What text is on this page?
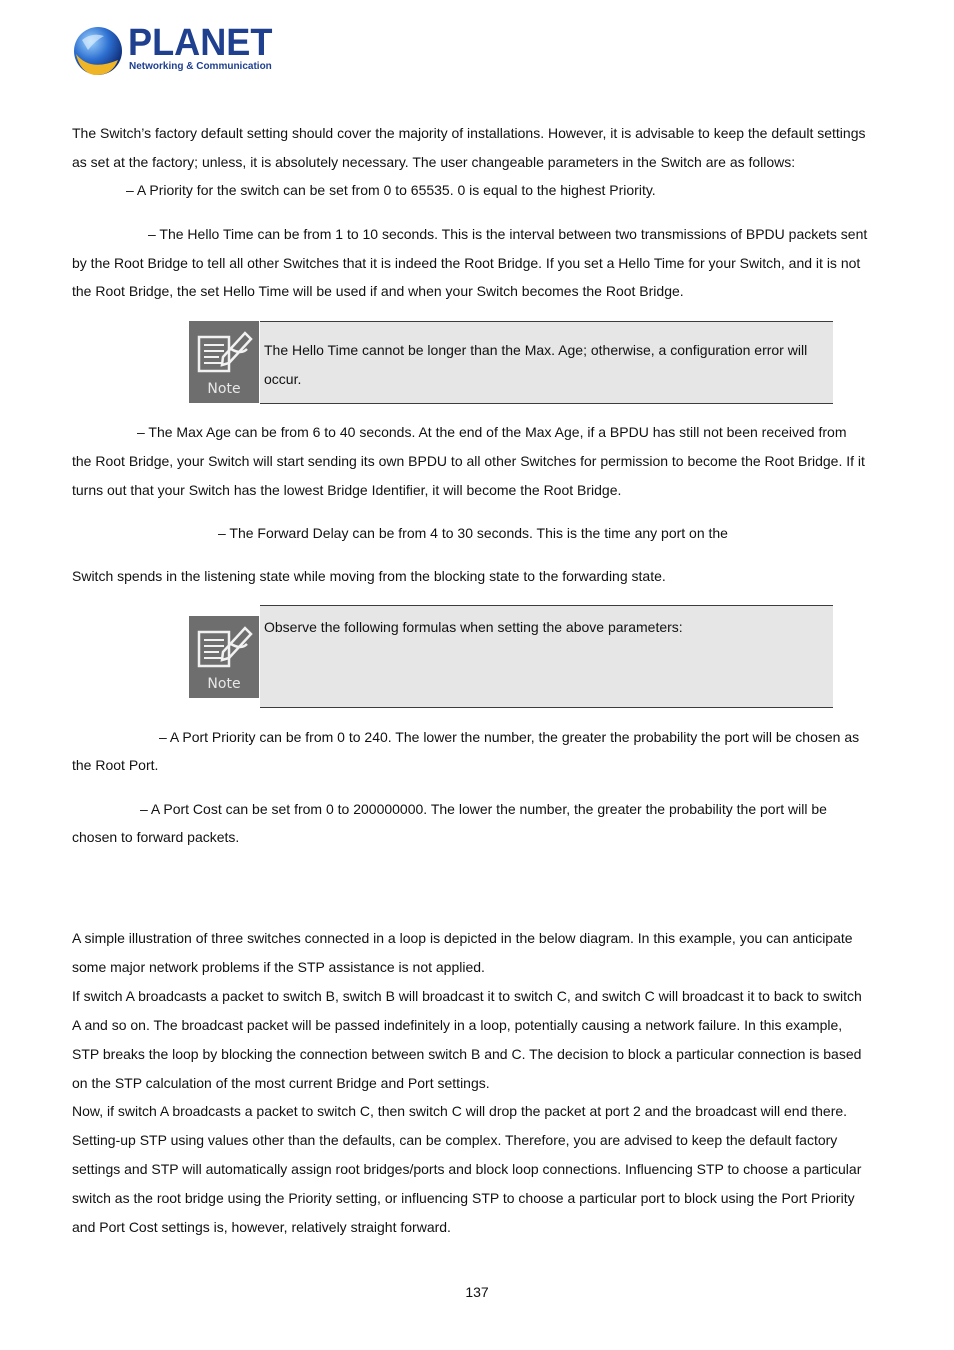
PLANET
Networking & Communication
The Switch’s factory default setting should cover the majority of installations. However, it is advisable to keep the default settings
as set at the factory; unless, it is absolutely necessary. The user changeable parameters in the Switch are as follows:
– A Priority for the switch can be set from 0 to 65535. 0 is equal to the highest Priority.
– The Hello Time can be from 1 to 10 seconds. This is the interval between two transmissions of BPDU packets sent
by the Root Bridge to tell all other Switches that it is indeed the Root Bridge. If you set a Hello Time for your Switch, and it is not
the Root Bridge, the set Hello Time will be used if and when your Switch becomes the Root Bridge.
Note
The Hello Time cannot be longer than the Max. Age; otherwise, a configuration error will
occur.
– The Max Age can be from 6 to 40 seconds. At the end of the Max Age, if a BPDU has still not been received from
the Root Bridge, your Switch will start sending its own BPDU to all other Switches for permission to become the Root Bridge. If it
turns out that your Switch has the lowest Bridge Identifier, it will become the Root Bridge.
– The Forward Delay can be from 4 to 30 seconds. This is the time any port on the
Switch spends in the listening state while moving from the blocking state to the forwarding state.
Note
Observe the following formulas when setting the above parameters:
– A Port Priority can be from 0 to 240. The lower the number, the greater the probability the port will be chosen as
the Root Port.
– A Port Cost can be set from 0 to 200000000. The lower the number, the greater the probability the port will be
chosen to forward packets.
A simple illustration of three switches connected in a loop is depicted in the below diagram. In this example, you can anticipate
some major network problems if the STP assistance is not applied.
If switch A broadcasts a packet to switch B, switch B will broadcast it to switch C, and switch C will broadcast it to back to switch
A and so on. The broadcast packet will be passed indefinitely in a loop, potentially causing a network failure. In this example,
STP breaks the loop by blocking the connection between switch B and C. The decision to block a particular connection is based
on the STP calculation of the most current Bridge and Port settings.
Now, if switch A broadcasts a packet to switch C, then switch C will drop the packet at port 2 and the broadcast will end there.
Setting-up STP using values other than the defaults, can be complex. Therefore, you are advised to keep the default factory
settings and STP will automatically assign root bridges/ports and block loop connections. Influencing STP to choose a particular
switch as the root bridge using the Priority setting, or influencing STP to choose a particular port to block using the Port Priority
and Port Cost settings is, however, relatively straight forward.
137
